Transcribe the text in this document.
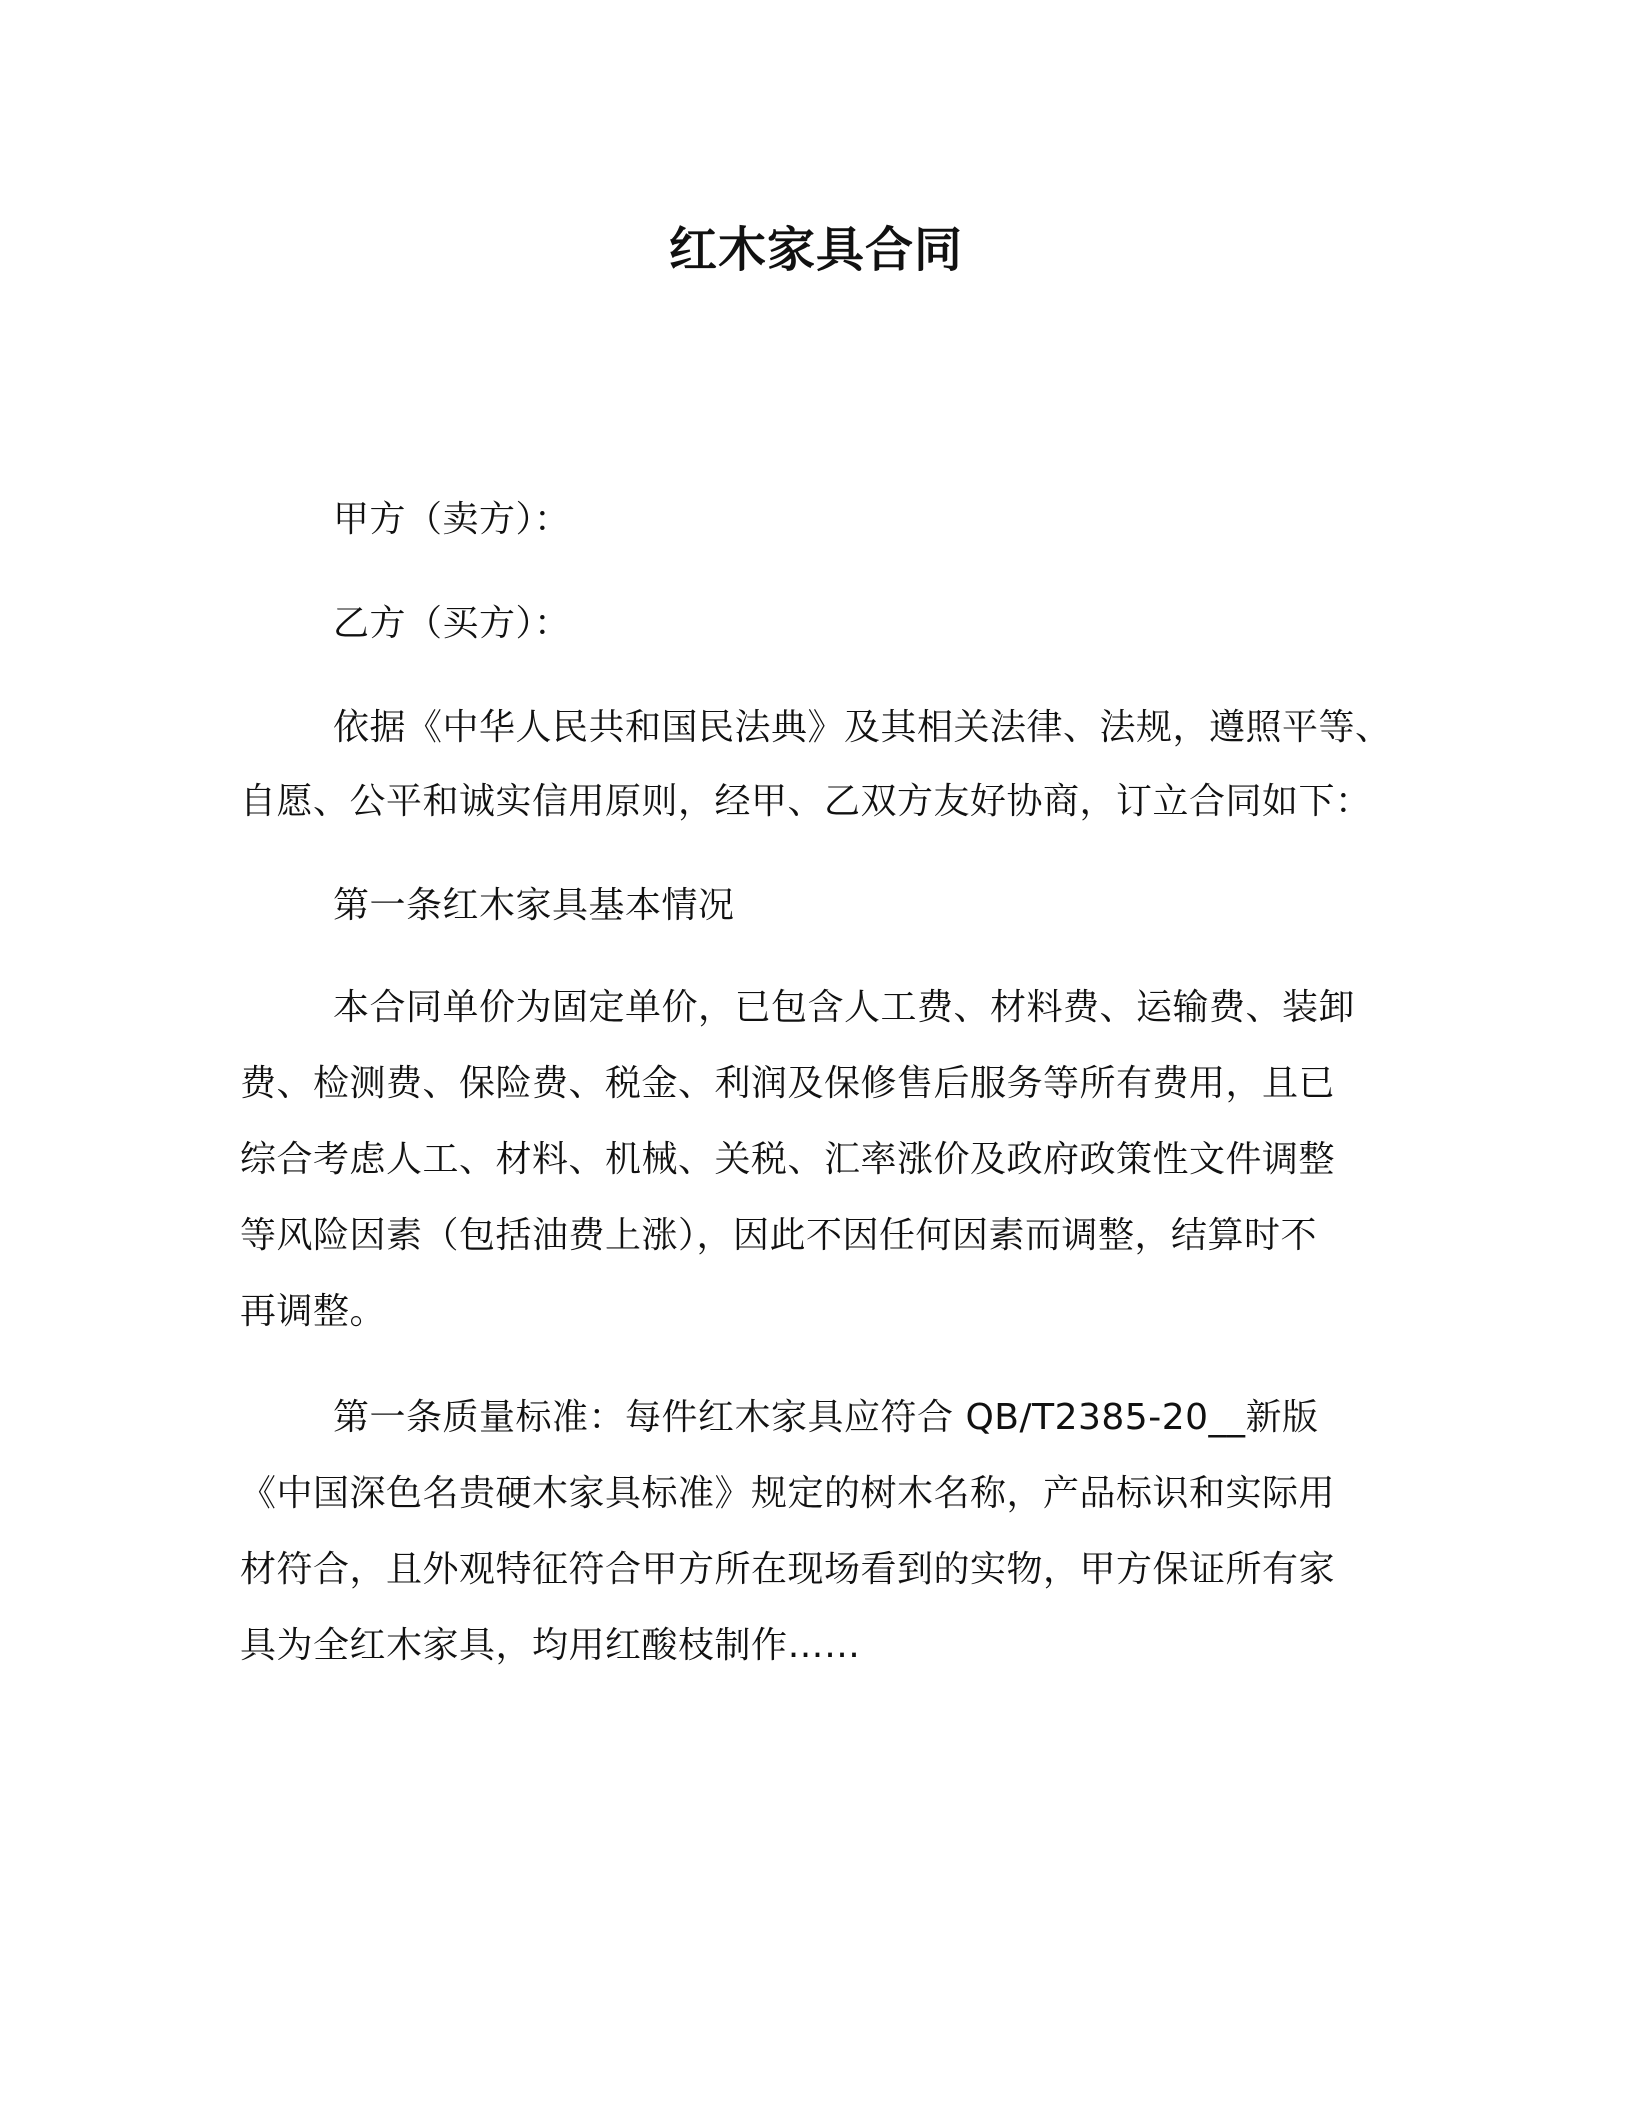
红木家具合同
甲方（卖方）：
乙方（买方）：
依据《中华人民共和国民法典》及其相关法律、法规，遵照平等、
自愿、公平和诚实信用原则，经甲、乙双方友好协商，订立合同如下：
第一条红木家具基本情况
本合同单价为固定单价，已包含人工费、材料费、运输费、装卸
费、检测费、保险费、税金、利润及保修售后服务等所有费用，且已
综合考虑人工、材料、机械、关税、汇率涨价及政府政策性文件调整
等风险因素（包括油费上涨），因此不因任何因素而调整，结算时不
再调整。
第一条质量标准：每件红木家具应符合 QB/T2385-20__新版
《中国深色名贵硬木家具标准》规定的树木名称，产品标识和实际用
材符合，且外观特征符合甲方所在现场看到的实物，甲方保证所有家
具为全红木家具，均用红酸枝制作……
